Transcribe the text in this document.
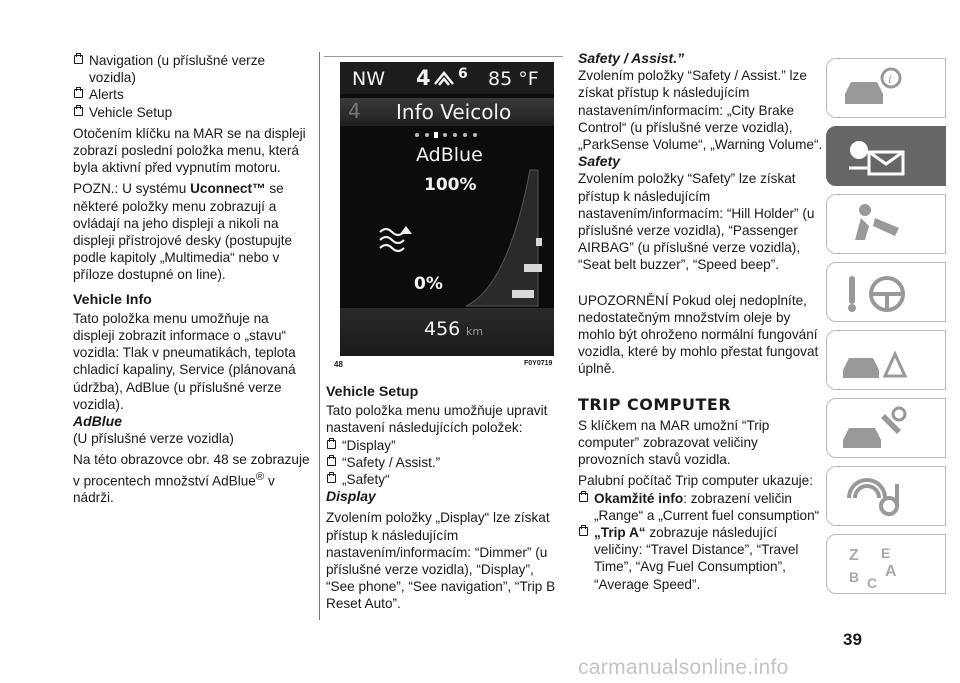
Navigation (u příslušné verze vozidla)
Alerts
Vehicle Setup

Otočením klíčku na MAR se na displeji zobrazí poslední položka menu, která byla aktivní před vypnutím motoru.

POZN.: U systému Uconnect™ se některé položky menu zobrazují a ovládají na jeho displeji a nikoli na displeji přístrojové desky (postupujte podle kapitoly „Multimedia“ nebo v příloze dostupné on line).

Vehicle Info

Tato položka menu umožňuje na displeji zobrazit informace o „stavu“ vozidla: Tlak v pneumatikách, teplota chladicí kapaliny, Service (plánovaná údržba), AdBlue (u příslušné verze vozidla).

AdBlue

(U příslušné verze vozidla)

Na této obrazovce obr. 48 se zobrazuje v procentech množství AdBlue® v nádrži.

NW 4 6 85 °F
4 Info Veicolo
AdBlue
100%
0%
456 km
48	F0Y0719
Vehicle Setup

Tato položka menu umožňuje upravit nastavení následujících položek:

“Display”
“Safety / Assist.”
„Safety“
Display

Zvolením položky „Display“ lze získat přístup k následujícím nastavením/informacím: “Dimmer” (u příslušné verze vozidla), “Display”, “See phone”, “See navigation”, “Trip B Reset Auto”.

Safety / Assist.”

Zvolením položky “Safety / Assist.” lze získat přístup k následujícím nastavením/informacím: „City Brake Control“ (u příslušné verze vozidla), „ParkSense Volume“, „Warning Volume“.

Safety

Zvolením položky “Safety” lze získat přístup k následujícím nastavením/informacím: “Hill Holder” (u příslušné verze vozidla), “Passenger AIRBAG” (u příslušné verze vozidla), “Seat belt buzzer”, “Speed beep”.

UPOZORNĚNÍ Pokud olej nedoplníte, nedostatečným množstvím oleje by mohlo být ohroženo normální fungování vozidla, které by mohlo přestat fungovat úplně.

TRIP COMPUTER

S klíčkem na MAR umožní “Trip computer” zobrazovat veličiny provozních stavů vozidla.

Palubní počítač Trip computer ukazuje:

Okamžité info: zobrazení veličin „Range“ a „Current fuel consumption“
„Trip A“ zobrazuje následující veličiny: “Travel Distance”, “Travel Time”, “Avg Fuel Consumption”, “Average Speed”.
i
Z E
B C
A
39
carmanualsonline.info
